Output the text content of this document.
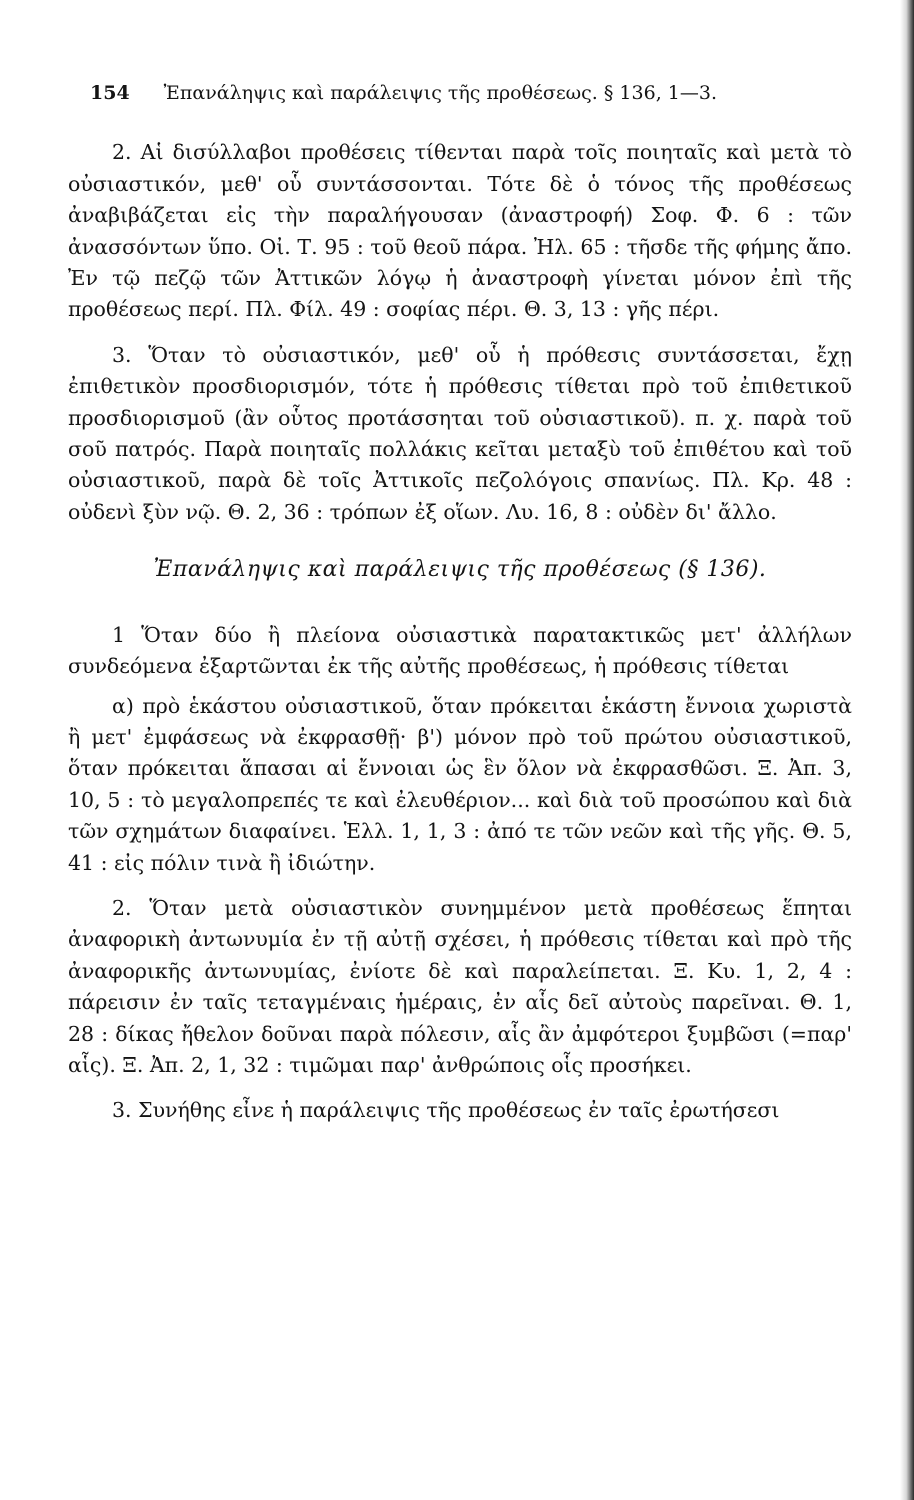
154 Ἐπανάληψις καὶ παράλειψις τῆς προθέσεως. § 136, 1—3.

2. Αἱ δισύλλαβοι προθέσεις τίθενται παρὰ τοῖς ποιηταῖς καὶ μετὰ τὸ οὐσιαστικόν, μεθ' οὗ συντάσσονται. Τότε δὲ ὁ τόνος τῆς προθέσεως ἀναβιβάζεται εἰς τὴν παραλήγουσαν (ἀναστροφή) Σοφ. Φ. 6 : τῶν ἀνασσόντων ὕπο. Οἰ. Τ. 95 : τοῦ θεοῦ πάρα. Ἠλ. 65 : τῆσδε τῆς φήμης ἄπο. Ἐν τῷ πεζῷ τῶν Ἀττικῶν λόγῳ ἡ ἀναστροφὴ γίνεται μόνον ἐπὶ τῆς προθέσεως περί. Πλ. Φίλ. 49 : σοφίας πέρι. Θ. 3, 13 : γῆς πέρι.

3. Ὅταν τὸ οὐσιαστικόν, μεθ' οὗ ἡ πρόθεσις συντάσσεται, ἔχῃ ἐπιθετικὸν προσδιορισμόν, τότε ἡ πρόθεσις τίθεται πρὸ τοῦ ἐπιθετικοῦ προσδιορισμοῦ (ἂν οὗτος προτάσσηται τοῦ οὐσιαστικοῦ). π. χ. παρὰ τοῦ σοῦ πατρός. Παρὰ ποιηταῖς πολλάκις κεῖται μεταξὺ τοῦ ἐπιθέτου καὶ τοῦ οὐσιαστικοῦ, παρὰ δὲ τοῖς Ἀττικοῖς πεζολόγοις σπανίως. Πλ. Κρ. 48 : οὐδενὶ ξὺν νῷ. Θ. 2, 36 : τρόπων ἐξ οἵων. Λυ. 16, 8 : οὐδὲν δι' ἄλλο.

Ἐπανάληψις καὶ παράλειψις τῆς προθέσεως (§ 136).

1 Ὅταν δύο ἢ πλείονα οὐσιαστικὰ παρατακτικῶς μετ' ἀλλήλων συνδεόμενα ἐξαρτῶνται ἐκ τῆς αὐτῆς προθέσεως, ἡ πρόθεσις τίθεται

α) πρὸ ἑκάστου οὐσιαστικοῦ, ὅταν πρόκειται ἑκάστη ἔννοια χωριστὰ ἢ μετ' ἐμφάσεως νὰ ἐκφρασθῇ· β') μόνον πρὸ τοῦ πρώτου οὐσιαστικοῦ, ὅταν πρόκειται ἅπασαι αἱ ἔννοιαι ὡς ἓν ὅλον νὰ ἐκφρασθῶσι. Ξ. Ἀπ. 3, 10, 5 : τὸ μεγαλοπρεπές τε καὶ ἐλευθέριον... καὶ διὰ τοῦ προσώπου καὶ διὰ τῶν σχημάτων διαφαίνει. Ἑλλ. 1, 1, 3 : ἀπό τε τῶν νεῶν καὶ τῆς γῆς. Θ. 5, 41 : εἰς πόλιν τινὰ ἢ ἰδιώτην.

2. Ὅταν μετὰ οὐσιαστικὸν συνημμένον μετὰ προθέσεως ἕπηται ἀναφορικὴ ἀντωνυμία ἐν τῇ αὐτῇ σχέσει, ἡ πρόθεσις τίθεται καὶ πρὸ τῆς ἀναφορικῆς ἀντωνυμίας, ἐνίοτε δὲ καὶ παραλείπεται. Ξ. Κυ. 1, 2, 4 : πάρεισιν ἐν ταῖς τεταγμέναις ἡμέραις, ἐν αἷς δεῖ αὐτοὺς παρεῖναι. Θ. 1, 28 : δίκας ἤθελον δοῦναι παρὰ πόλεσιν, αἷς ἂν ἀμφότεροι ξυμβῶσι (=παρ' αἷς). Ξ. Ἀπ. 2, 1, 32 : τιμῶμαι παρ' ἀνθρώποις οἷς προσήκει.

3. Συνήθης εἶνε ἡ παράλειψις τῆς προθέσεως ἐν ταῖς ἐρωτήσεσι
